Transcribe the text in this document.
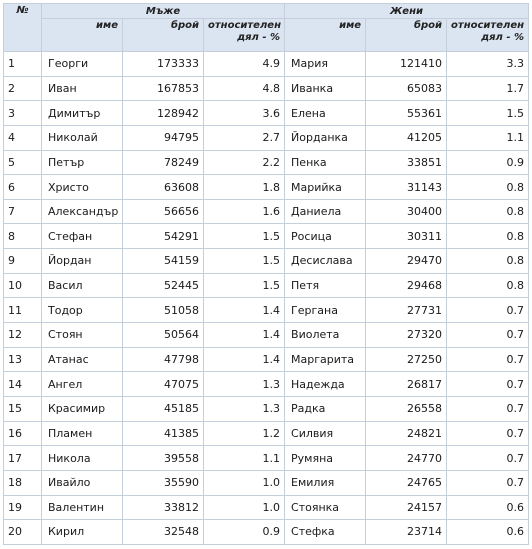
№	Мъже			Жени		
	име	брой	относителен дял - %	име	брой	относителен дял - %
1	Георги	173333	4.9	Мария	121410	3.3
2	Иван	167853	4.8	Иванка	65083	1.7
3	Димитър	128942	3.6	Елена	55361	1.5
4	Николай	94795	2.7	Йорданка	41205	1.1
5	Петър	78249	2.2	Пенка	33851	0.9
6	Христо	63608	1.8	Марийка	31143	0.8
7	Александър	56656	1.6	Даниела	30400	0.8
8	Стефан	54291	1.5	Росица	30311	0.8
9	Йордан	54159	1.5	Десислава	29470	0.8
10	Васил	52445	1.5	Петя	29468	0.8
11	Тодор	51058	1.4	Гергана	27731	0.7
12	Стоян	50564	1.4	Виолета	27320	0.7
13	Атанас	47798	1.4	Маргарита	27250	0.7
14	Ангел	47075	1.3	Надежда	26817	0.7
15	Красимир	45185	1.3	Радка	26558	0.7
16	Пламен	41385	1.2	Силвия	24821	0.7
17	Никола	39558	1.1	Румяна	24770	0.7
18	Ивайло	35590	1.0	Емилия	24765	0.7
19	Валентин	33812	1.0	Стоянка	24157	0.6
20	Кирил	32548	0.9	Стефка	23714	0.6
